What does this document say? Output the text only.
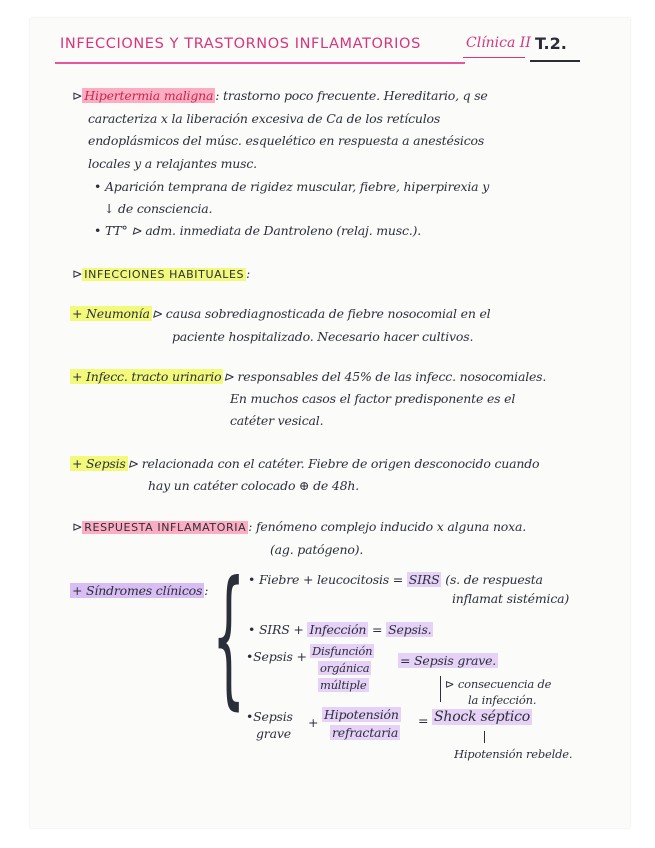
INFECCIONES Y TRASTORNOS INFLAMATORIOS	Clínica II T.2.
⊳ Hipertermia maligna : trastorno poco frecuente. Hereditario, q se
caracteriza x la liberación excesiva de Ca de los retículos
endoplásmicos del músc. esquelético en respuesta a anestésicos
locales y a relajantes musc.
• Aparición temprana de rigidez muscular, fiebre, hiperpirexia y
↓ de consciencia.
• TT° ⊳ adm. inmediata de Dantroleno (relaj. musc.).
⊳ INFECCIONES HABITUALES :
+ Neumonía ⊳ causa sobrediagnosticada de fiebre nosocomial en el
paciente hospitalizado. Necesario hacer cultivos.
+ Infecc. tracto urinario ⊳ responsables del 45% de las infecc. nosocomiales.
En muchos casos el factor predisponente es el
catéter vesical.
+ Sepsis ⊳ relacionada con el catéter. Fiebre de origen desconocido cuando
hay un catéter colocado ⊕ de 48h.
⊳ RESPUESTA INFLAMATORIA : fenómeno complejo inducido x alguna noxa.
(ag. patógeno).
+ Síndromes clínicos : { • Fiebre + leucocitosis = SIRS (s. de respuesta
inflamat sistémica)
• SIRS + Infección = Sepsis.
•Sepsis + Disfunción
orgánica
múltiple
= Sepsis grave.
⊳ consecuencia de
la infección.
•Sepsis
grave
+
Hipotensión
refractaria
= Shock séptico
Hipotensión rebelde.
